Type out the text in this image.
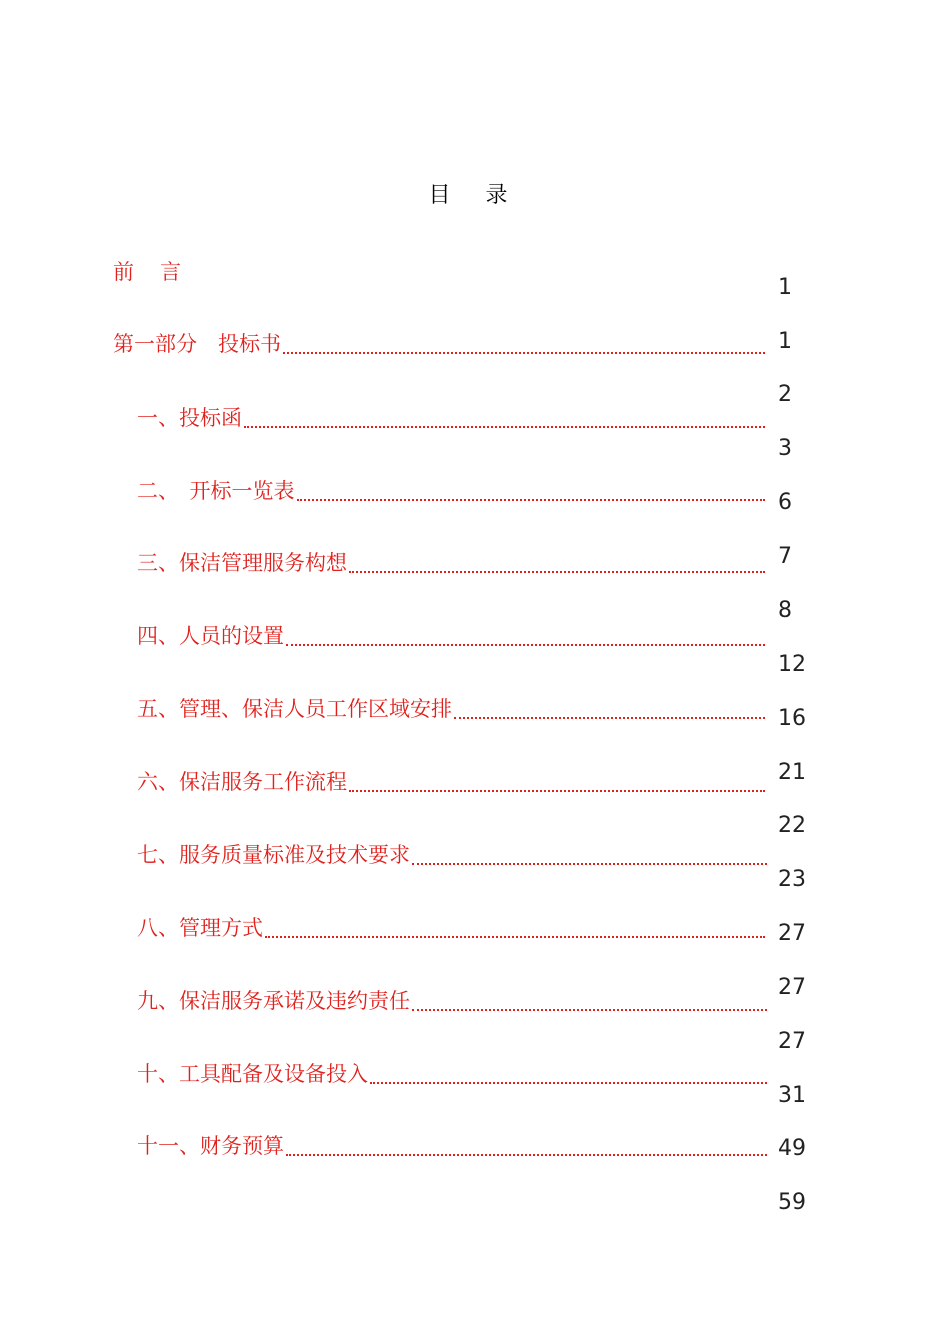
目 录
前 言
第一部分　投标书
一、投标函
二、　开标一览表
三、保洁管理服务构想
四、人员的设置
五、管理、保洁人员工作区域安排
六、保洁服务工作流程
七、服务质量标准及技术要求
八、管理方式
九、保洁服务承诺及违约责任
十、工具配备及设备投入
十一、财务预算
1
1
2
3
6
7
8
12
16
21
22
23
27
27
27
31
49
59
